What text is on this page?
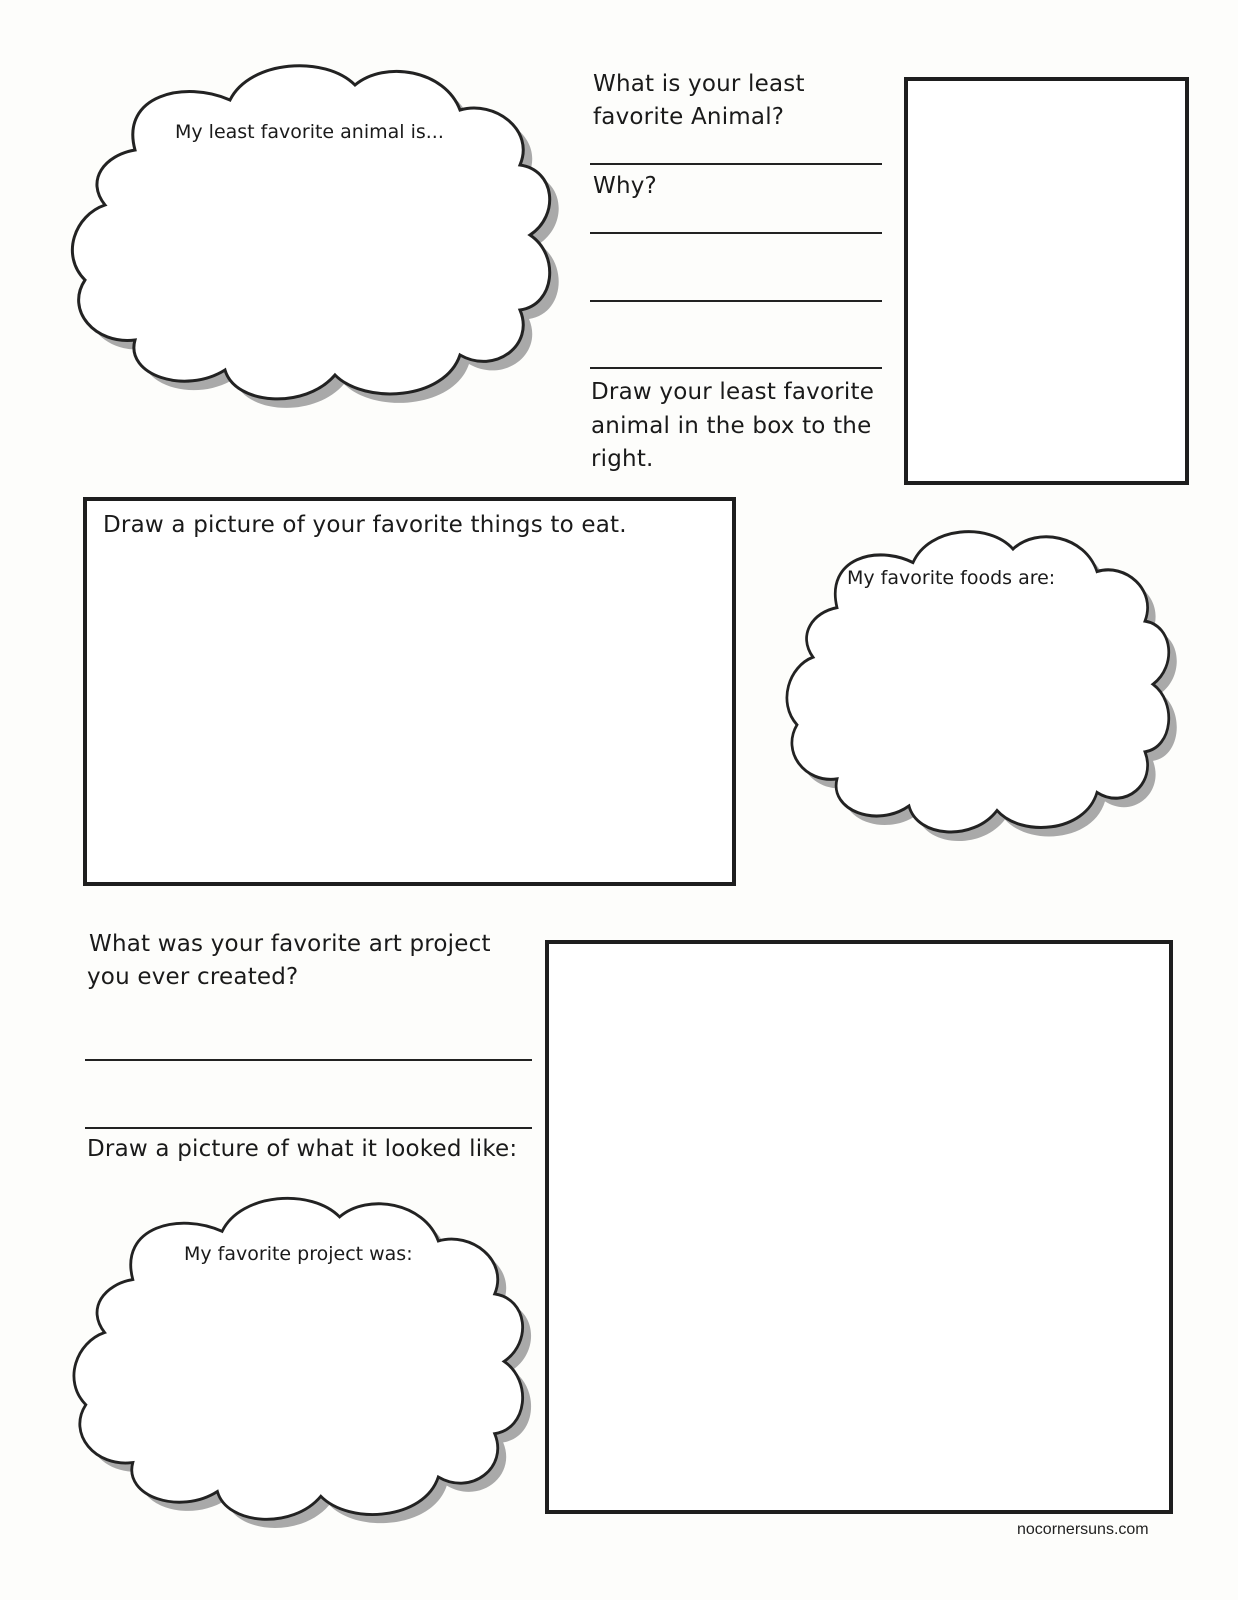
My least favorite animal is...
What is your least
favorite Animal?
Why?
Draw your least favorite
animal in the box to the
right.
Draw a picture of your favorite things to eat.
My favorite foods are:
What was your favorite art project
you ever created?
Draw a picture of what it looked like:
My favorite project was:
nocornersuns.com
